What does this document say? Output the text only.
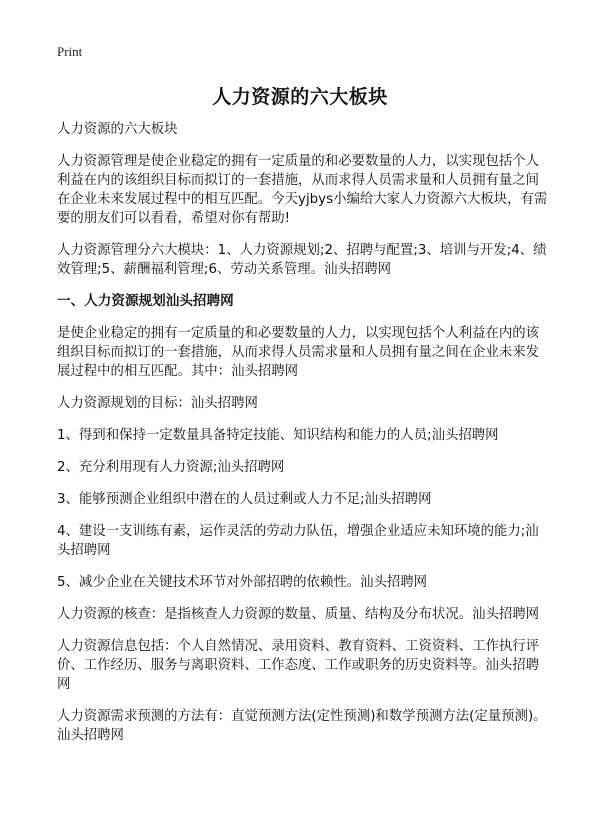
Print
人力资源的六大板块

人力资源的六大板块

人力资源管理是使企业稳定的拥有一定质量的和必要数量的人力，以实现包括个人利益在内的该组织目标而拟订的一套措施，从而求得人员需求量和人员拥有量之间在企业未来发展过程中的相互匹配。今天yjbys小编给大家人力资源六大板块，有需要的朋友们可以看看，希望对你有帮助!

人力资源管理分六大模块：1、人力资源规划;2、招聘与配置;3、培训与开发;4、绩效管理;5、薪酬福利管理;6、劳动关系管理。汕头招聘网

一、人力资源规划汕头招聘网

是使企业稳定的拥有一定质量的和必要数量的人力，以实现包括个人利益在内的该组织目标而拟订的一套措施，从而求得人员需求量和人员拥有量之间在企业未来发展过程中的相互匹配。其中：汕头招聘网

人力资源规划的目标：汕头招聘网

1、得到和保持一定数量具备特定技能、知识结构和能力的人员;汕头招聘网

2、充分利用现有人力资源;汕头招聘网

3、能够预测企业组织中潜在的人员过剩或人力不足;汕头招聘网

4、建设一支训练有素，运作灵活的劳动力队伍，增强企业适应未知环境的能力;汕头招聘网

5、减少企业在关键技术环节对外部招聘的依赖性。汕头招聘网

人力资源的核查：是指核查人力资源的数量、质量、结构及分布状况。汕头招聘网

人力资源信息包括：个人自然情况、录用资料、教育资料、工资资料、工作执行评价、工作经历、服务与离职资料、工作态度、工作或职务的历史资料等。汕头招聘网

人力资源需求预测的方法有：直觉预测方法(定性预测)和数学预测方法(定量预测)。汕头招聘网
